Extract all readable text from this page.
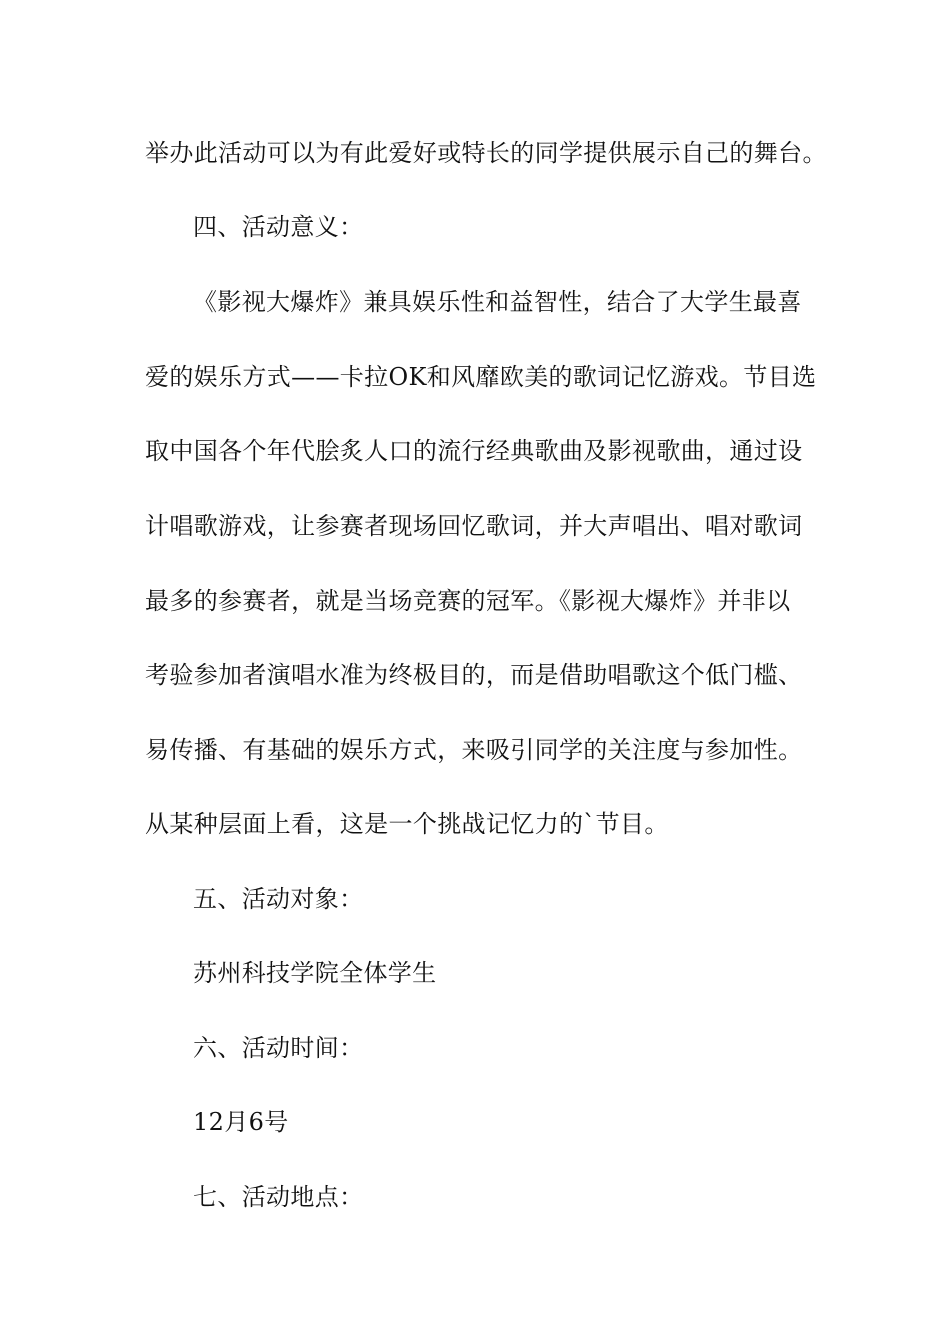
举办此活动可以为有此爱好或特长的同学提供展示自己的舞台。
四、活动意义：
《影视大爆炸》兼具娱乐性和益智性，结合了大学生最喜
爱的娱乐方式——卡拉OK和风靡欧美的歌词记忆游戏。节目选
取中国各个年代脍炙人口的流行经典歌曲及影视歌曲，通过设
计唱歌游戏，让参赛者现场回忆歌词，并大声唱出、唱对歌词
最多的参赛者，就是当场竞赛的冠军。《影视大爆炸》并非以
考验参加者演唱水准为终极目的，而是借助唱歌这个低门槛、
易传播、有基础的娱乐方式，来吸引同学的关注度与参加性。
从某种层面上看，这是一个挑战记忆力的`节目。
五、活动对象：
苏州科技学院全体学生
六、活动时间：
12月6号
七、活动地点：
